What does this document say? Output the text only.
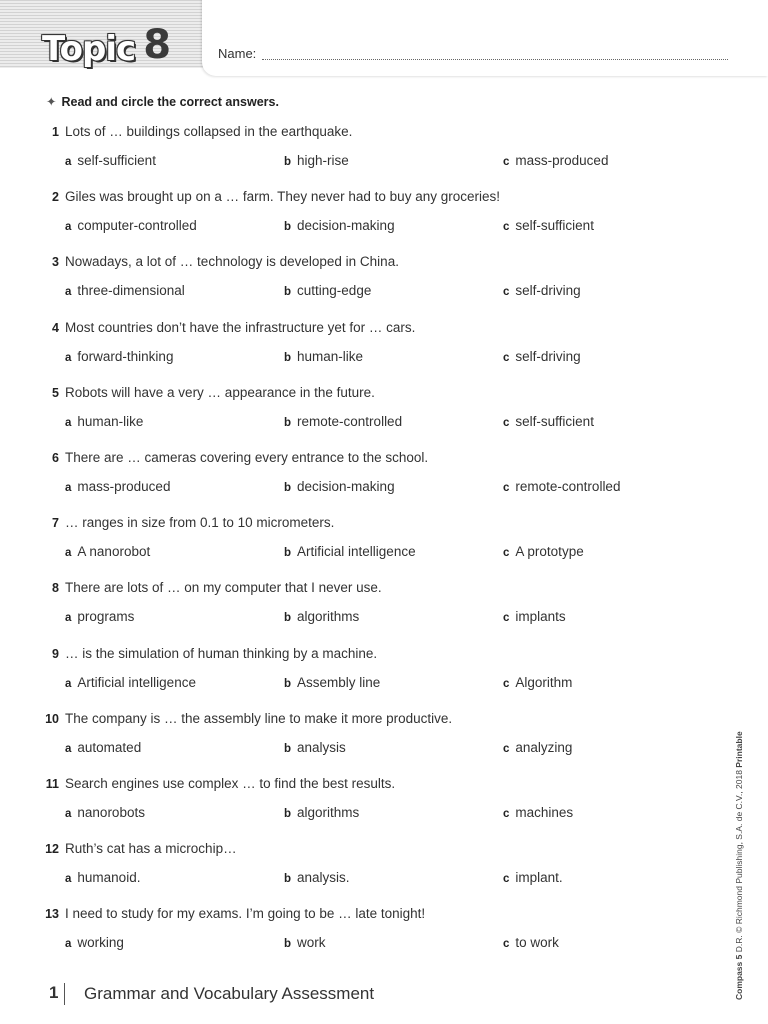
Topic 8	Name:
✦ Read and circle the correct answers.
1 Lots of … buildings collapsed in the earthquake.
a self-sufficient	b high-rise	c mass-produced
2 Giles was brought up on a … farm. They never had to buy any groceries!
a computer-controlled	b decision-making	c self-sufficient
3 Nowadays, a lot of … technology is developed in China.
a three-dimensional	b cutting-edge	c self-driving
4 Most countries don’t have the infrastructure yet for … cars.
a forward-thinking	b human-like	c self-driving
5 Robots will have a very … appearance in the future.
a human-like	b remote-controlled	c self-sufficient
6 There are … cameras covering every entrance to the school.
a mass-produced	b decision-making	c remote-controlled
7 … ranges in size from 0.1 to 10 micrometers.
a A nanorobot	b Artificial intelligence	c A prototype
8 There are lots of … on my computer that I never use.
a programs	b algorithms	c implants
9 … is the simulation of human thinking by a machine.
a Artificial intelligence	b Assembly line	c Algorithm
10 The company is … the assembly line to make it more productive.
a automated	b analysis	c analyzing
11 Search engines use complex … to find the best results.
a nanorobots	b algorithms	c machines
12 Ruth’s cat has a microchip…
a humanoid.	b analysis.	c implant.
13 I need to study for my exams. I’m going to be … late tonight!
a working	b work	c to work
1 Grammar and Vocabulary Assessment	Compass 5 D.R. © Richmond Publishing, S.A. de C.V., 2018 Printable
